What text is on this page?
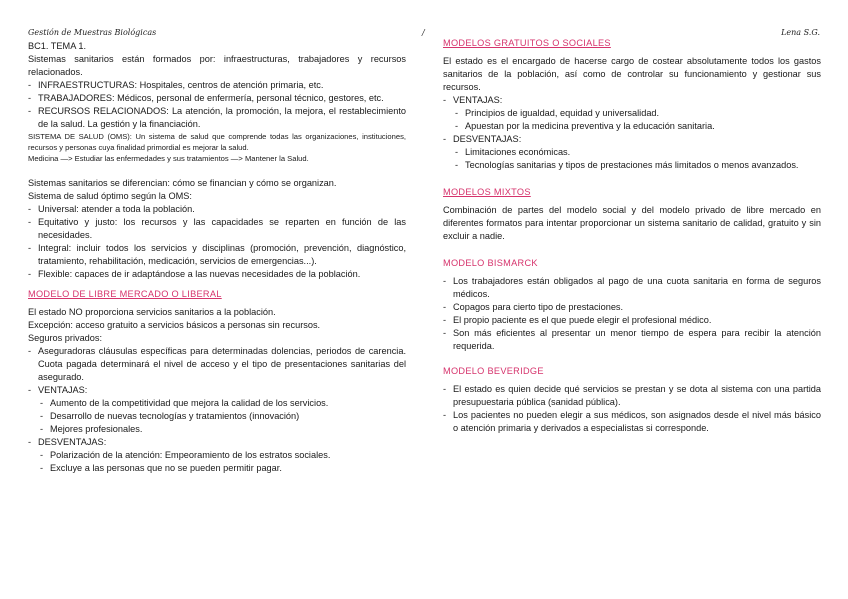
Gestión de Muestras Biológicas	/	Lena S.G.

BC1. TEMA 1.

Sistemas sanitarios están formados por: infraestructuras, trabajadores y recursos relacionados.

- INFRAESTRUCTURAS: Hospitales, centros de atención primaria, etc.
- TRABAJADORES: Médicos, personal de enfermería, personal técnico, gestores, etc.
- RECURSOS RELACIONADOS: La atención, la promoción, la mejora, el restablecimiento de la salud. La gestión y la financiación.

SISTEMA DE SALUD (OMS): Un sistema de salud que comprende todas las organizaciones, instituciones, recursos y personas cuya finalidad primordial es mejorar la salud.

Medicina —> Estudiar las enfermedades y sus tratamientos —> Mantener la Salud.

Sistemas sanitarios se diferencian: cómo se financian y cómo se organizan.

Sistema de salud óptimo según la OMS:

- Universal: atender a toda la población.
- Equitativo y justo: los recursos y las capacidades se reparten en función de las necesidades.
- Integral: incluir todos los servicios y disciplinas (promoción, prevención, diagnóstico, tratamiento, rehabilitación, medicación, servicios de emergencias...).
- Flexible: capaces de ir adaptándose a las nuevas necesidades de la población.
MODELO DE LIBRE MERCADO O LIBERAL

El estado NO proporciona servicios sanitarios a la población.

Excepción: acceso gratuito a servicios básicos a personas sin recursos.

Seguros privados:

- Aseguradoras cláusulas específicas para determinadas dolencias, periodos de carencia. Cuota pagada determinará el nivel de acceso y el tipo de presentaciones sanitarias del asegurado.
- VENTAJAS:
- Aumento de la competitividad que mejora la calidad de los servicios.
- Desarrollo de nuevas tecnologías y tratamientos (innovación)
- Mejores profesionales.
- DESVENTAJAS:
- Polarización de la atención: Empeoramiento de los estratos sociales.
- Excluye a las personas que no se pueden permitir pagar.
MODELOS GRATUITOS O SOCIALES

El estado es el encargado de hacerse cargo de costear absolutamente todos los gastos sanitarios de la población, así como de controlar su funcionamiento y gestionar sus recursos.

- VENTAJAS:
- Principios de igualdad, equidad y universalidad.
- Apuestan por la medicina preventiva y la educación sanitaria.
- DESVENTAJAS:
- Limitaciones económicas.
- Tecnologías sanitarias y tipos de prestaciones más limitados o menos avanzados.
MODELOS MIXTOS

Combinación de partes del modelo social y del modelo privado de libre mercado en diferentes formatos para intentar proporcionar un sistema sanitario de calidad, gratuito y sin excluir a nadie.

MODELO BISMARCK
- Los trabajadores están obligados al pago de una cuota sanitaria en forma de seguros médicos.
- Copagos para cierto tipo de prestaciones.
- El propio paciente es el que puede elegir el profesional médico.
- Son más eficientes al presentar un menor tiempo de espera para recibir la atención requerida.
MODELO BEVERIDGE
- El estado es quien decide qué servicios se prestan y se dota al sistema con una partida presupuestaria pública (sanidad pública).
- Los pacientes no pueden elegir a sus médicos, son asignados desde el nivel más básico o atención primaria y derivados a especialistas si corresponde.
